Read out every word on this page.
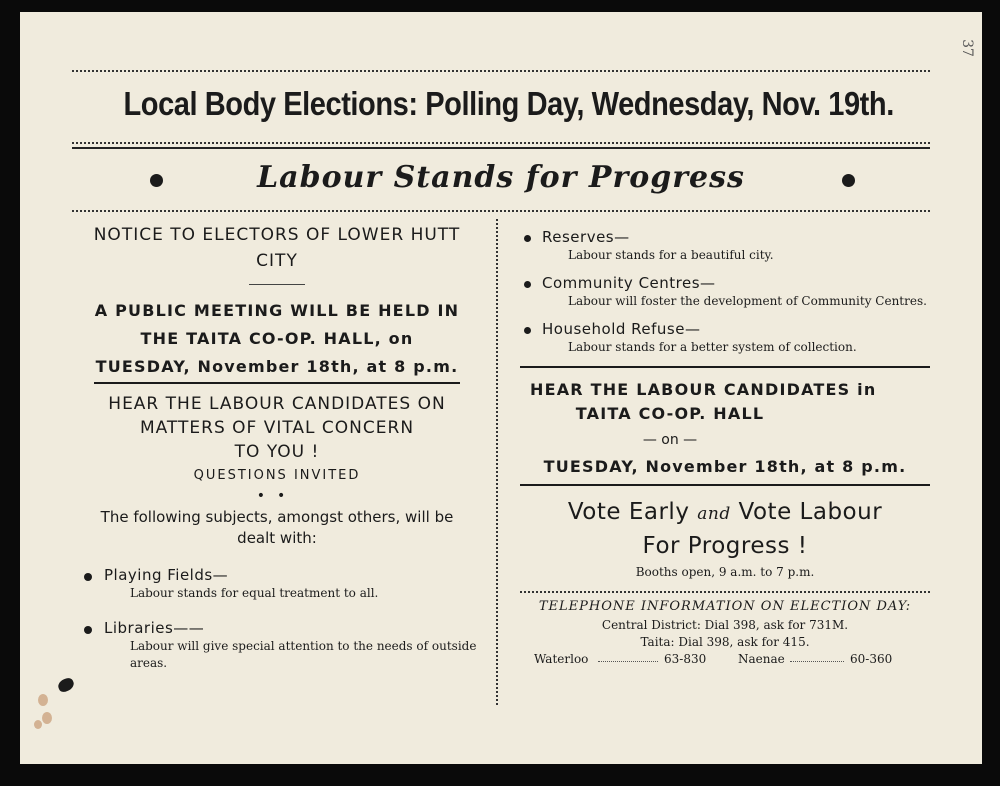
37
Local Body Elections: Polling Day, Wednesday, Nov. 19th.
Labour Stands for Progress
NOTICE TO ELECTORS OF LOWER HUTT CITY
A PUBLIC MEETING WILL BE HELD IN
THE TAITA CO-OP. HALL, on
TUESDAY, November 18th, at 8 p.m.
HEAR THE LABOUR CANDIDATES ON
MATTERS OF VITAL CONCERN
TO YOU !
QUESTIONS INVITED
••
The following subjects, amongst others, will be dealt with:
Playing Fields—
Labour stands for equal treatment to all.
Libraries——
Labour will give special attention to the needs of outside areas.
Reserves—
Labour stands for a beautiful city.
Community Centres—
Labour will foster the development of Community Centres.
Household Refuse—
Labour stands for a better system of collection.
HEAR THE LABOUR CANDIDATES in
TAITA CO-OP. HALL
— on —
TUESDAY, November 18th, at 8 p.m.
Vote Early and Vote Labour
For Progress !
Booths open, 9 a.m. to 7 p.m.
TELEPHONE INFORMATION ON ELECTION DAY:
Central District: Dial 398, ask for 731M.
Taita: Dial 398, ask for 415.
Waterloo	63-830	Naenae	60-360
